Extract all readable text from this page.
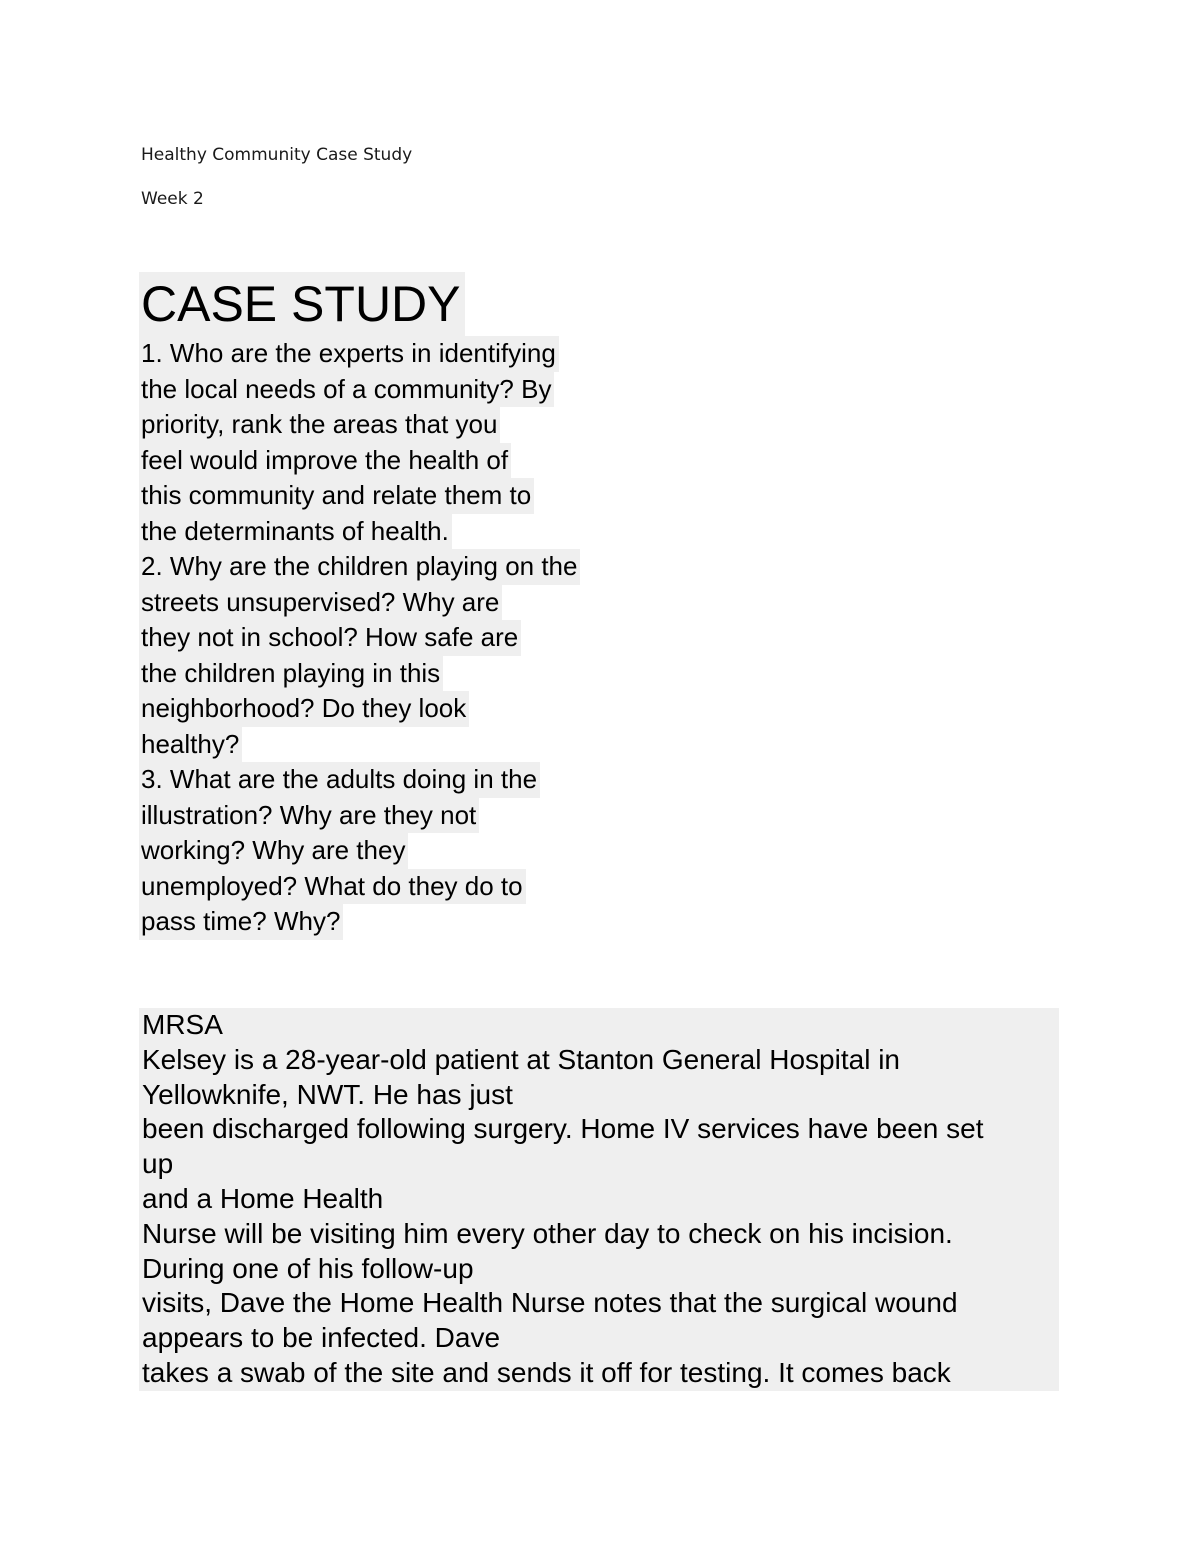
Healthy Community Case Study
Week 2
CASE STUDY
1. Who are the experts in identifying
the local needs of a community? By
priority, rank the areas that you
feel would improve the health of
this community and relate them to
the determinants of health.
2. Why are the children playing on the
streets unsupervised? Why are
they not in school? How safe are
the children playing in this
neighborhood? Do they look
healthy?
3. What are the adults doing in the
illustration? Why are they not
working? Why are they
unemployed? What do they do to
pass time? Why?
MRSA
Kelsey is a 28-year-old patient at Stanton General Hospital in
Yellowknife, NWT. He has just
been discharged following surgery. Home IV services have been set
up
and a Home Health
Nurse will be visiting him every other day to check on his incision.
During one of his follow-up
visits, Dave the Home Health Nurse notes that the surgical wound
appears to be infected. Dave
takes a swab of the site and sends it off for testing. It comes back
